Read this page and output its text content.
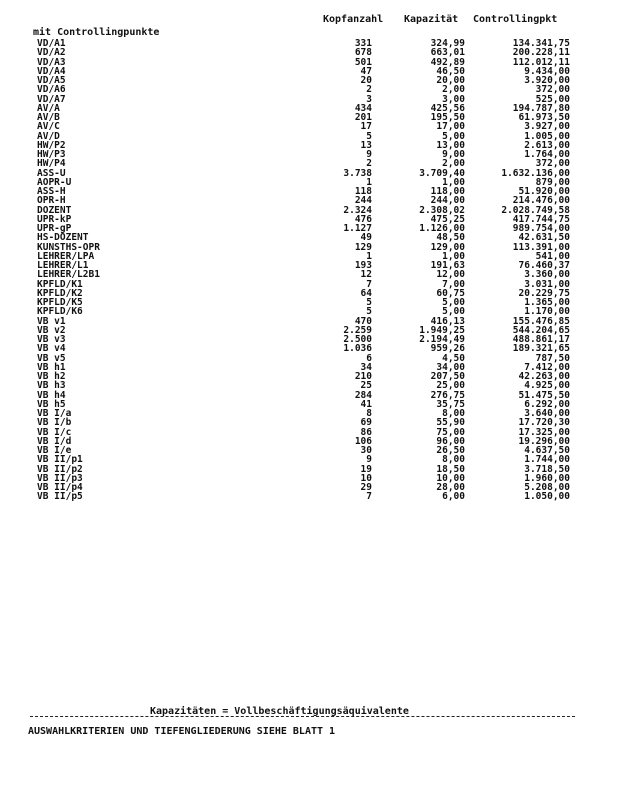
Kopfanzahl Kapazität Controllingpkt
mit Controllingpunkte
VD/A1	331	324,99	134.341,75
VD/A2	678	663,01	200.228,11
VD/A3	501	492,89	112.012,11
VD/A4	47	46,50	9.434,00
VD/A5	20	20,00	3.920,00
VD/A6	2	2,00	372,00
VD/A7	3	3,00	525,00
AV/A	434	425,56	194.787,80
AV/B	201	195,50	61.973,50
AV/C	17	17,00	3.927,00
AV/D	5	5,00	1.005,00
HW/P2	13	13,00	2.613,00
HW/P3	9	9,00	1.764,00
HW/P4	2	2,00	372,00
ASS-U	3.738	3.709,40	1.632.136,00
AOPR-U	1	1,00	879,00
ASS-H	118	118,00	51.920,00
OPR-H	244	244,00	214.476,00
DOZENT	2.324	2.308,02	2.028.749,58
UPR-kP	476	475,25	417.744,75
UPR-gP	1.127	1.126,00	989.754,00
HS-DOZENT	49	48,50	42.631,50
KUNSTHS-OPR	129	129,00	113.391,00
LEHRER/LPA	1	1,00	541,00
LEHRER/L1	193	191,63	76.460,37
LEHRER/L2B1	12	12,00	3.360,00
KPFLD/K1	7	7,00	3.031,00
KPFLD/K2	64	60,75	20.229,75
KPFLD/K5	5	5,00	1.365,00
KPFLD/K6	5	5,00	1.170,00
VB v1	470	416,13	155.476,85
VB v2	2.259	1.949,25	544.204,65
VB v3	2.500	2.194,49	488.861,17
VB v4	1.036	959,26	189.321,65
VB v5	6	4,50	787,50
VB h1	34	34,00	7.412,00
VB h2	210	207,50	42.263,00
VB h3	25	25,00	4.925,00
VB h4	284	276,75	51.475,50
VB h5	41	35,75	6.292,00
VB I/a	8	8,00	3.640,00
VB I/b	69	55,90	17.720,30
VB I/c	86	75,00	17.325,00
VB I/d	106	96,00	19.296,00
VB I/e	30	26,50	4.637,50
VB II/p1	9	8,00	1.744,00
VB II/p2	19	18,50	3.718,50
VB II/p3	10	10,00	1.960,00
VB II/p4	29	28,00	5.208,00
VB II/p5	7	6,00	1.050,00
Kapazitäten = Vollbeschäftigungsäquivalente
AUSWAHLKRITERIEN UND TIEFENGLIEDERUNG SIEHE BLATT 1
